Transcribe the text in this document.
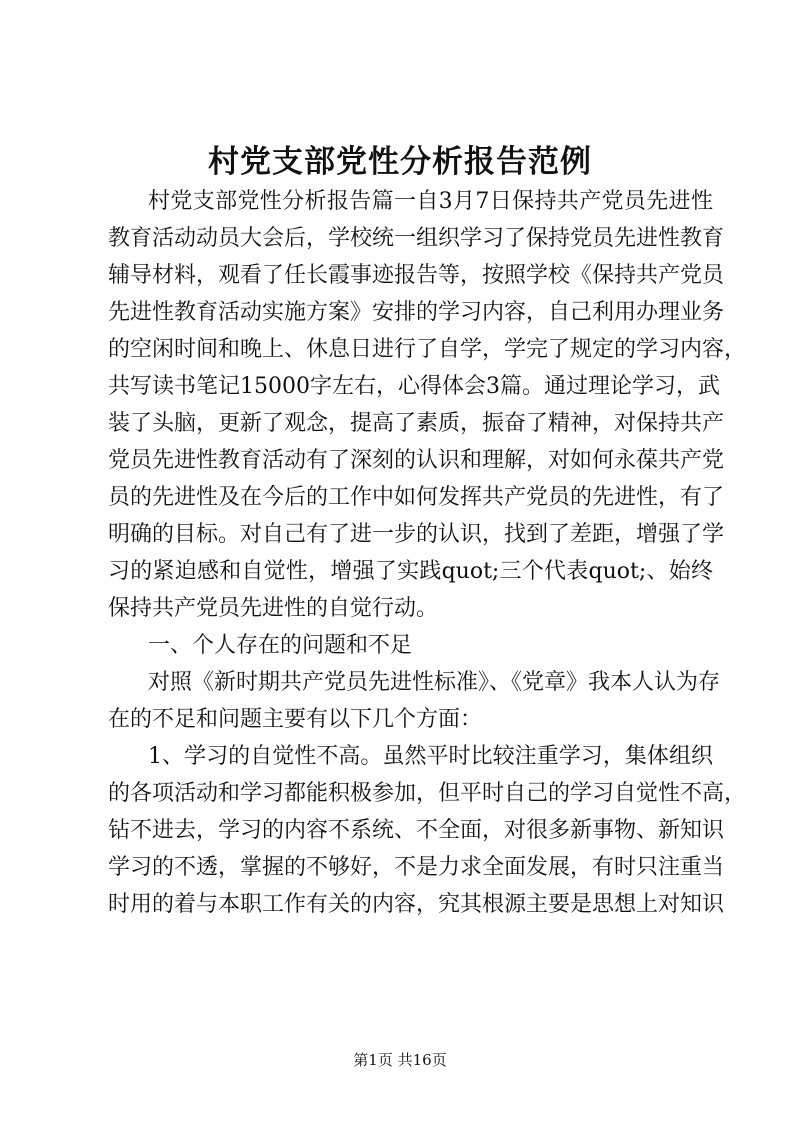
村党支部党性分析报告范例
村党支部党性分析报告篇一自3月7日保持共产党员先进性
教育活动动员大会后，学校统一组织学习了保持党员先进性教育
辅导材料，观看了任长霞事迹报告等，按照学校《保持共产党员
先进性教育活动实施方案》安排的学习内容，自己利用办理业务
的空闲时间和晚上、休息日进行了自学，学完了规定的学习内容，
共写读书笔记15000字左右，心得体会3篇。通过理论学习，武
装了头脑，更新了观念，提高了素质，振奋了精神，对保持共产
党员先进性教育活动有了深刻的认识和理解，对如何永葆共产党
员的先进性及在今后的工作中如何发挥共产党员的先进性，有了
明确的目标。对自己有了进一步的认识，找到了差距，增强了学
习的紧迫感和自觉性，增强了实践quot;三个代表quot;、始终
保持共产党员先进性的自觉行动。
一、个人存在的问题和不足
对照《新时期共产党员先进性标准》、《党章》我本人认为存
在的不足和问题主要有以下几个方面：
1、学习的自觉性不高。虽然平时比较注重学习，集体组织
的各项活动和学习都能积极参加，但平时自己的学习自觉性不高，
钻不进去，学习的内容不系统、不全面，对很多新事物、新知识
学习的不透，掌握的不够好，不是力求全面发展，有时只注重当
时用的着与本职工作有关的内容，究其根源主要是思想上对知识
第1页 共16页
